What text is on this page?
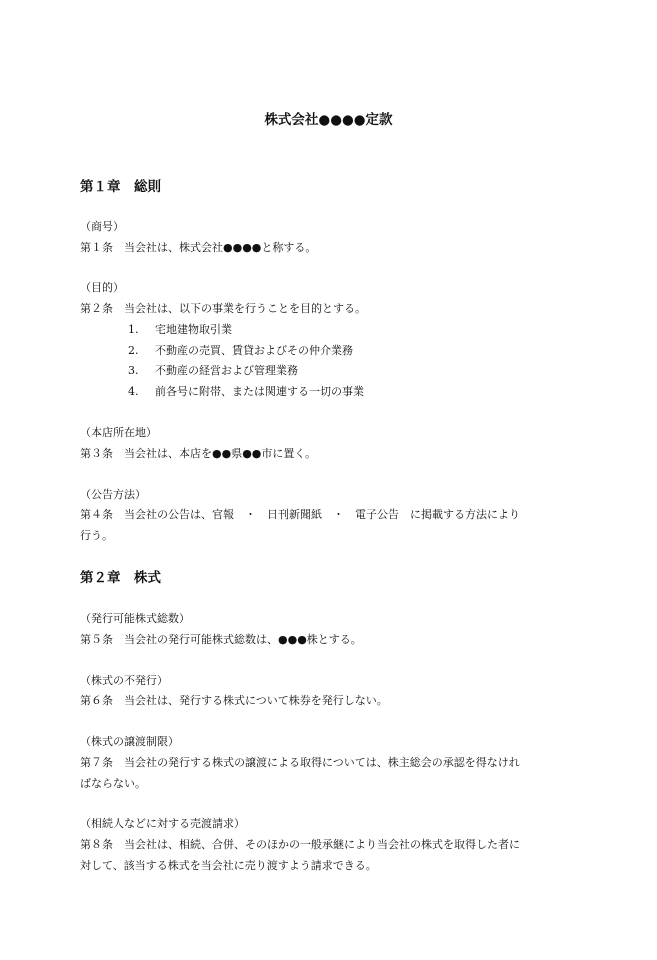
株式会社●●●●定款
第１章　総則
（商号）
第１条　当会社は、株式会社●●●●と称する。
（目的）
第２条　当会社は、以下の事業を行うことを目的とする。
1.	宅地建物取引業
2.	不動産の売買、賃貸およびその仲介業務
3.	不動産の経営および管理業務
4.	前各号に附帯、または関連する一切の事業
（本店所在地）
第３条　当会社は、本店を●●県●●市に置く。
（公告方法）
第４条　当会社の公告は、官報　・　日刊新聞紙　・　電子公告　に掲載する方法により
行う。
第２章　株式
（発行可能株式総数）
第５条　当会社の発行可能株式総数は、●●●株とする。
（株式の不発行）
第６条　当会社は、発行する株式について株券を発行しない。
（株式の譲渡制限）
第７条　当会社の発行する株式の譲渡による取得については、株主総会の承認を得なけれ
ばならない。
（相続人などに対する売渡請求）
第８条　当会社は、相続、合併、そのほかの一般承継により当会社の株式を取得した者に
対して、該当する株式を当会社に売り渡すよう請求できる。
